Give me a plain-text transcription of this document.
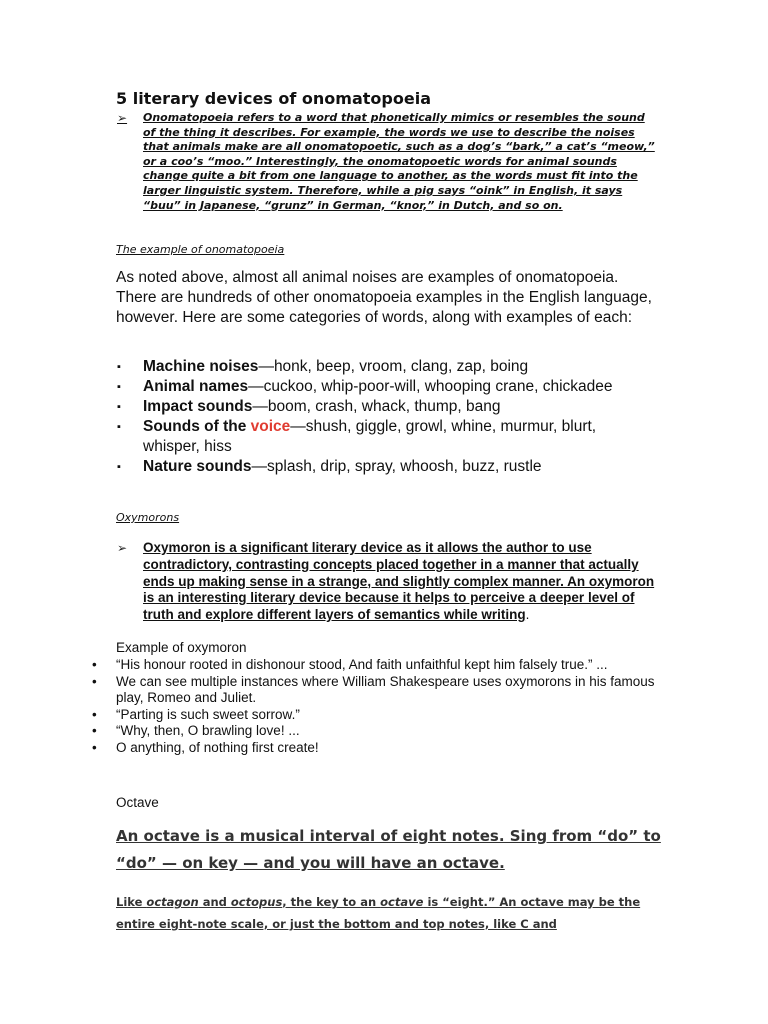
5 literary devices of onomatopoeia
➢	Onomatopoeia refers to a word that phonetically mimics or resembles the sound of the thing it describes. For example, the words we use to describe the noises that animals make are all onomatopoetic, such as a dog’s “bark,” a cat’s “meow,” or a coo’s “moo.” Interestingly, the onomatopoetic words for animal sounds change quite a bit from one language to another, as the words must fit into the larger linguistic system. Therefore, while a pig says “oink” in English, it says “buu” in Japanese, “grunz” in German, “knor,” in Dutch, and so on.

The example of onomatopoeia

As noted above, almost all animal noises are examples of onomatopoeia. There are hundreds of other onomatopoeia examples in the English language, however. Here are some categories of words, along with examples of each:

▪ Machine noises—honk, beep, vroom, clang, zap, boing
▪ Animal names—cuckoo, whip-poor-will, whooping crane, chickadee
▪ Impact sounds—boom, crash, whack, thump, bang
▪ Sounds of the voice—shush, giggle, growl, whine, murmur, blurt, whisper, hiss
▪ Nature sounds—splash, drip, spray, whoosh, buzz, rustle

Oxymorons

➢	Oxymoron is a significant literary device as it allows the author to use contradictory, contrasting concepts placed together in a manner that actually ends up making sense in a strange, and slightly complex manner. An oxymoron is an interesting literary device because it helps to perceive a deeper level of truth and explore different layers of semantics while writing.

Example of oxymoron

• “His honour rooted in dishonour stood, And faith unfaithful kept him falsely true.” ...
• We can see multiple instances where William Shakespeare uses oxymorons in his famous play, Romeo and Juliet.
• “Parting is such sweet sorrow.”
• “Why, then, O brawling love! ...
• O anything, of nothing first create!

Octave

An octave is a musical interval of eight notes. Sing from “do” to “do” — on key — and you will have an octave.

Like octagon and octopus, the key to an octave is “eight.” An octave may be the entire eight-note scale, or just the bottom and top notes, like C and
